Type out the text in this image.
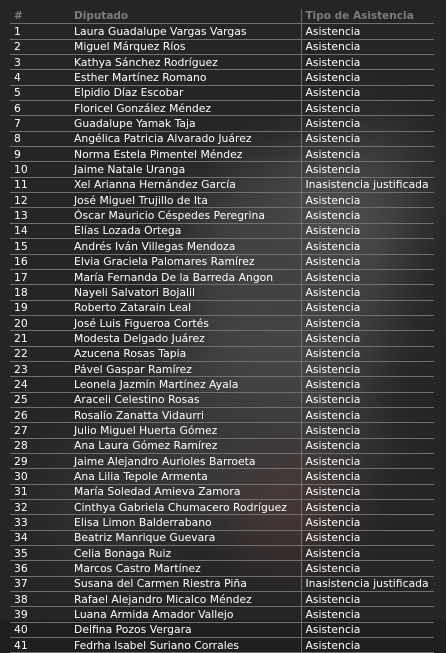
#	Diputado	Tipo de Asistencia
1	Laura Guadalupe Vargas Vargas	Asistencia
2	Miguel Márquez Ríos	Asistencia
3	Kathya Sánchez Rodríguez	Asistencia
4	Esther Martínez Romano	Asistencia
5	Elpidio Díaz Escobar	Asistencia
6	Floricel González Méndez	Asistencia
7	Guadalupe Yamak Taja	Asistencia
8	Angélica Patricia Alvarado Juárez	Asistencia
9	Norma Estela Pimentel Méndez	Asistencia
10	Jaime Natale Uranga	Asistencia
11	Xel Arianna Hernández García	Inasistencia justificada
12	José Miguel Trujillo de Ita	Asistencia
13	Óscar Mauricio Céspedes Peregrina	Asistencia
14	Elías Lozada Ortega	Asistencia
15	Andrés Iván Villegas Mendoza	Asistencia
16	Elvia Graciela Palomares Ramírez	Asistencia
17	María Fernanda De la Barreda Angon	Asistencia
18	Nayeli Salvatori Bojalil	Asistencia
19	Roberto Zatarain Leal	Asistencia
20	José Luis Figueroa Cortés	Asistencia
21	Modesta Delgado Juárez	Asistencia
22	Azucena Rosas Tapia	Asistencia
23	Pável Gaspar Ramírez	Asistencia
24	Leonela Jazmín Martínez Ayala	Asistencia
25	Araceli Celestino Rosas	Asistencia
26	Rosalío Zanatta Vidaurri	Asistencia
27	Julio Miguel Huerta Gómez	Asistencia
28	Ana Laura Gómez Ramírez	Asistencia
29	Jaime Alejandro Aurioles Barroeta	Asistencia
30	Ana Lilia Tepole Armenta	Asistencia
31	María Soledad Amieva Zamora	Asistencia
32	Cinthya Gabriela Chumacero Rodríguez	Asistencia
33	Elisa Limon Balderrabano	Asistencia
34	Beatriz Manrique Guevara	Asistencia
35	Celia Bonaga Ruiz	Asistencia
36	Marcos Castro Martínez	Asistencia
37	Susana del Carmen Riestra Piña	Inasistencia justificada
38	Rafael Alejandro Micalco Méndez	Asistencia
39	Luana Armida Amador Vallejo	Asistencia
40	Delfina Pozos Vergara	Asistencia
41	Fedrha Isabel Suriano Corrales	Asistencia
